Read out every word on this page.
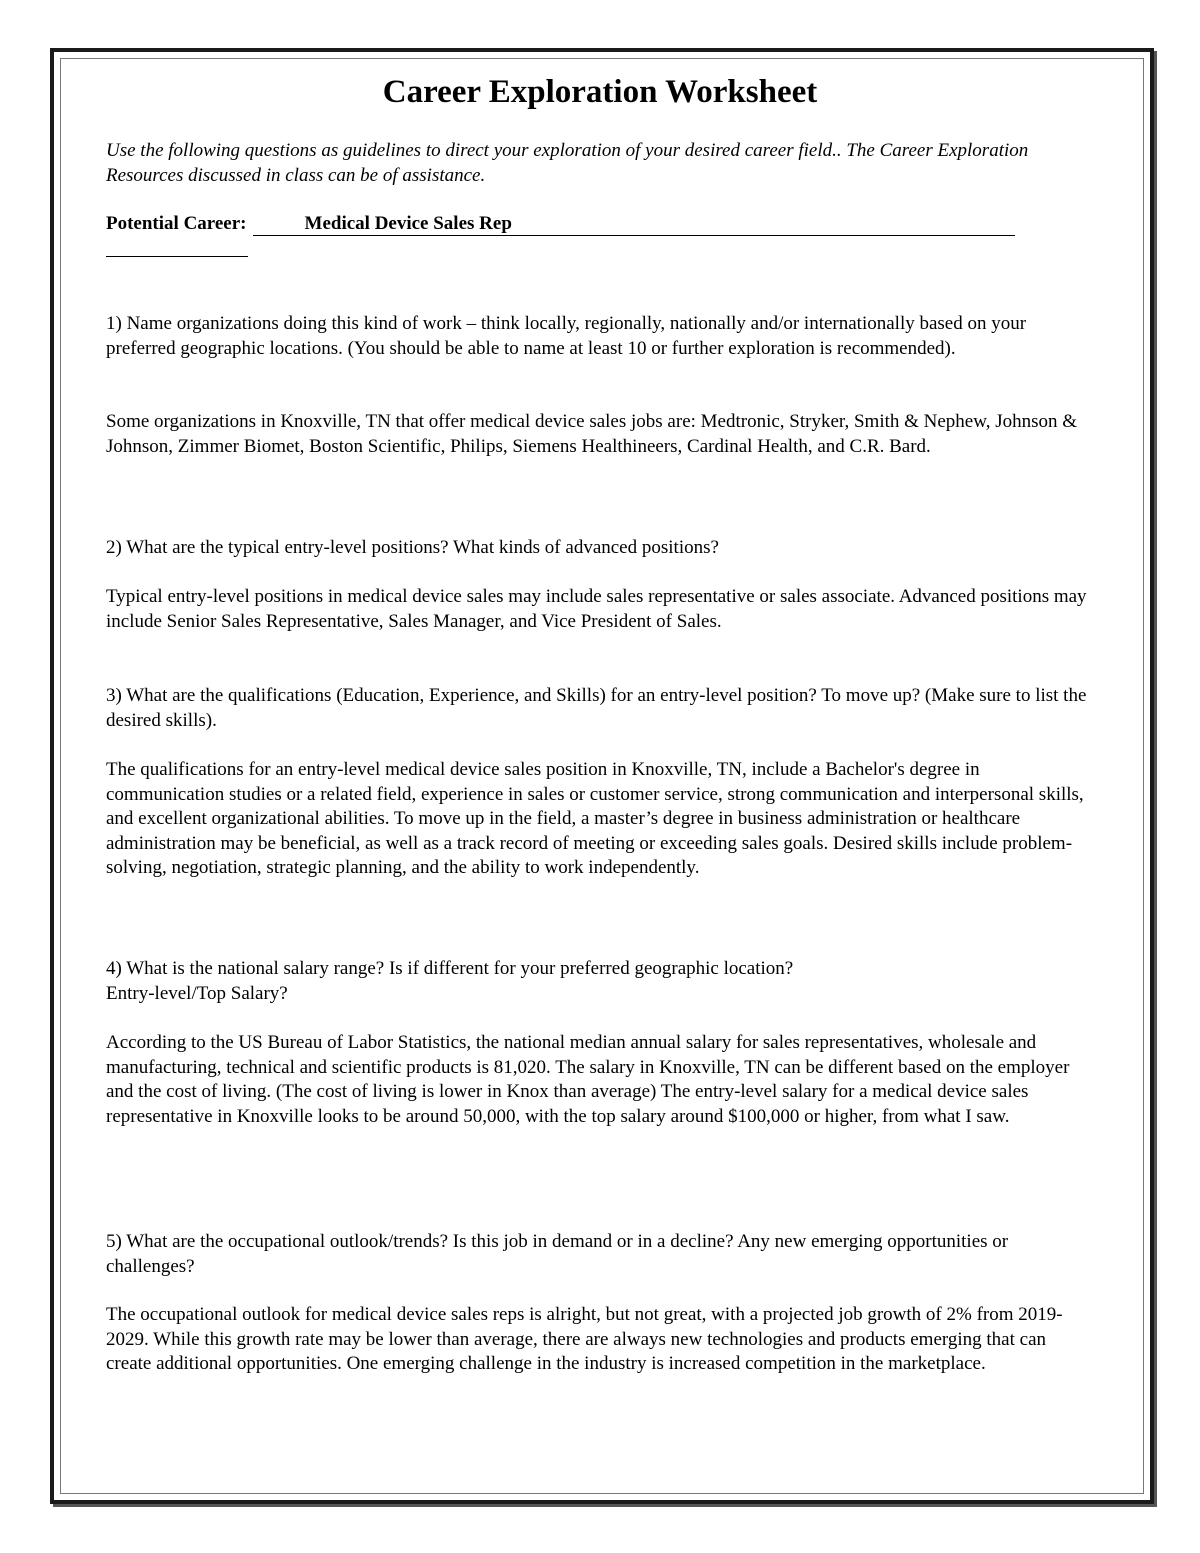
Career Exploration Worksheet
Use the following questions as guidelines to direct your exploration of your desired career field.. The Career Exploration Resources discussed in class can be of assistance.
Potential Career:	Medical Device Sales Rep
1) Name organizations doing this kind of work – think locally, regionally, nationally and/or internationally based on your preferred geographic locations. (You should be able to name at least 10 or further exploration is recommended).
Some organizations in Knoxville, TN that offer medical device sales jobs are: Medtronic, Stryker, Smith & Nephew, Johnson & Johnson, Zimmer Biomet, Boston Scientific, Philips, Siemens Healthineers, Cardinal Health, and C.R. Bard.
2) What are the typical entry-level positions? What kinds of advanced positions?
Typical entry-level positions in medical device sales may include sales representative or sales associate. Advanced positions may include Senior Sales Representative, Sales Manager, and Vice President of Sales.
3) What are the qualifications (Education, Experience, and Skills) for an entry-level position? To move up? (Make sure to list the desired skills).
The qualifications for an entry-level medical device sales position in Knoxville, TN, include a Bachelor's degree in communication studies or a related field, experience in sales or customer service, strong communication and interpersonal skills, and excellent organizational abilities. To move up in the field, a master’s degree in business administration or healthcare administration may be beneficial, as well as a track record of meeting or exceeding sales goals. Desired skills include problem-solving, negotiation, strategic planning, and the ability to work independently.
4) What is the national salary range? Is if different for your preferred geographic location?
Entry-level/Top Salary?
According to the US Bureau of Labor Statistics, the national median annual salary for sales representatives, wholesale and manufacturing, technical and scientific products is 81,020. The salary in Knoxville, TN can be different based on the employer and the cost of living. (The cost of living is lower in Knox than average) The entry-level salary for a medical device sales representative in Knoxville looks to be around 50,000, with the top salary around $100,000 or higher, from what I saw.
5) What are the occupational outlook/trends? Is this job in demand or in a decline? Any new emerging opportunities or challenges?
The occupational outlook for medical device sales reps is alright, but not great, with a projected job growth of 2% from 2019-2029. While this growth rate may be lower than average, there are always new technologies and products emerging that can create additional opportunities. One emerging challenge in the industry is increased competition in the marketplace.
